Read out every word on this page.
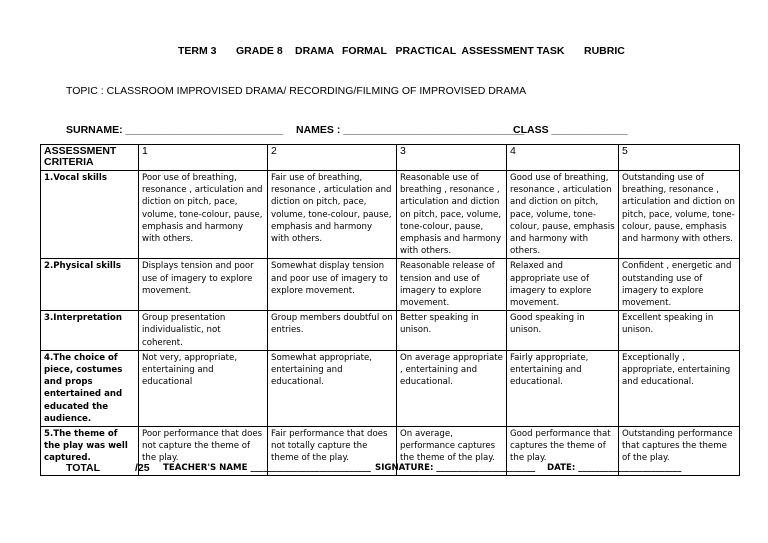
TERM 3 GRADE 8 DRAMA FORMAL   PRACTICAL  ASSESSMENT TASK RUBRIC
TOPIC : CLASSROOM IMPROVISED DRAMA/ RECORDING/FILMING OF IMPROVISED DRAMA
SURNAME: ___________________________ NAMES : _______________________________
CLASS _____________
ASSESSMENT CRITERIA	1	2	3	4	5
1.Vocal skills	Poor use of breathing, resonance , articulation and diction on pitch, pace, volume, tone-colour, pause, emphasis and harmony with others.	Fair use of breathing, resonance , articulation and diction on pitch, pace, volume, tone-colour, pause, emphasis and harmony with others.	Reasonable use of breathing , resonance , articulation and diction on pitch, pace, volume, tone-colour, pause, emphasis and harmony with others.	Good use of breathing, resonance , articulation and diction on pitch, pace, volume, tone-colour, pause, emphasis and harmony with others.	Outstanding use of breathing, resonance , articulation and diction on pitch, pace, volume, tone-colour, pause, emphasis and harmony with others.
2.Physical skills	Displays tension and poor use of imagery to explore movement.	Somewhat display tension and poor use of imagery to explore movement.	Reasonable release of tension and use of imagery to explore movement.	Relaxed and appropriate use of imagery to explore movement.	Confident , energetic and outstanding use of imagery to explore movement.
3.Interpretation	Group presentation individualistic, not coherent.	Group members doubtful on entries.	Better speaking in unison.	Good speaking in unison.	Excellent speaking in unison.
4.The choice of piece, costumes and props entertained and educated the audience.	Not very, appropriate, entertaining and educational	Somewhat appropriate, entertaining and educational.	On average appropriate , entertaining and educational.	Fairly appropriate, entertaining and educational.	Exceptionally , appropriate, entertaining and educational.
5.The theme of the play was well captured.	Poor performance that does not capture the theme of the play.	Fair performance that does not totally capture the theme of the play.	On average, performance captures the theme of the play.	Good performance that captures the theme of the play.	Outstanding performance that captures the theme of the play.
TOTAL	/25 TEACHER'S NAME ____________________________ SIGNATURE: _______________________ DATE: ________________________
